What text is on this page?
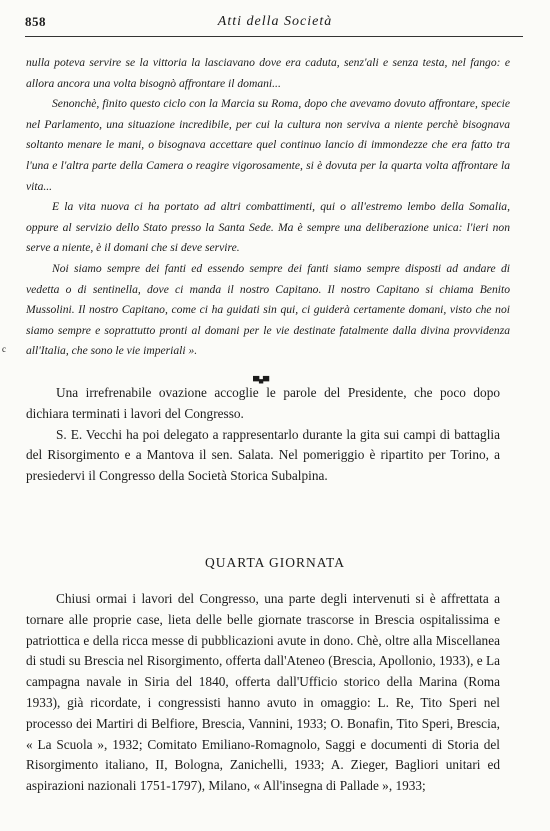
858	Atti della Società

nulla poteva servire se la vittoria la lasciavano dove era caduta, senz'ali e senza testa, nel fango: e allora ancora una volta bisognò affrontare il domani...

Senonchè, finito questo ciclo con la Marcia su Roma, dopo che avevamo dovuto affrontare, specie nel Parlamento, una situazione incredibile, per cui la cultura non serviva a niente perchè bisognava soltanto menare le mani, o bisognava accettare quel continuo lancio di immondezze che era fatto tra l'una e l'altra parte della Camera o reagire vigorosamente, si è dovuta per la quarta volta affrontare la vita...

E la vita nuova ci ha portato ad altri combattimenti, qui o all'estremo lembo della Somalia, oppure al servizio dello Stato presso la Santa Sede. Ma è sempre una deliberazione unica: l'ieri non serve a niente, è il domani che si deve servire.

Noi siamo sempre dei fanti ed essendo sempre dei fanti siamo sempre disposti ad andare di vedetta o di sentinella, dove ci manda il nostro Capitano. Il nostro Capitano si chiama Benito Mussolini. Il nostro Capitano, come ci ha guidati sin qui, ci guiderà certamente domani, visto che noi siamo sempre e soprattutto pronti al domani per le vie destinate fatalmente dalla divina provvidenza all'Italia, che sono le vie imperiali ».

c
▀■▀

Una irrefrenabile ovazione accoglie le parole del Presidente, che poco dopo dichiara terminati i lavori del Congresso.

S. E. Vecchi ha poi delegato a rappresentarlo durante la gita sui campi di battaglia del Risorgimento e a Mantova il sen. Salata. Nel pomeriggio è ripartito per Torino, a presiedervi il Congresso della Società Storica Subalpina.

QUARTA GIORNATA

Chiusi ormai i lavori del Congresso, una parte degli intervenuti si è affrettata a tornare alle proprie case, lieta delle belle giornate trascorse in Brescia ospitalissima e patriottica e della ricca messe di pubblicazioni avute in dono. Chè, oltre alla Miscellanea di studi su Brescia nel Risorgimento, offerta dall'Ateneo (Brescia, Apollonio, 1933), e La campagna navale in Siria del 1840, offerta dall'Ufficio storico della Marina (Roma 1933), già ricordate, i congressisti hanno avuto in omaggio: L. Re, Tito Speri nel processo dei Martiri di Belfiore, Brescia, Vannini, 1933; O. Bonafin, Tito Speri, Brescia, « La Scuola », 1932; Comitato Emiliano-Romagnolo, Saggi e documenti di Storia del Risorgimento italiano, II, Bologna, Zanichelli, 1933; A. Zieger, Bagliori unitari ed aspirazioni nazionali 1751-1797), Milano, « All'insegna di Pallade », 1933;
